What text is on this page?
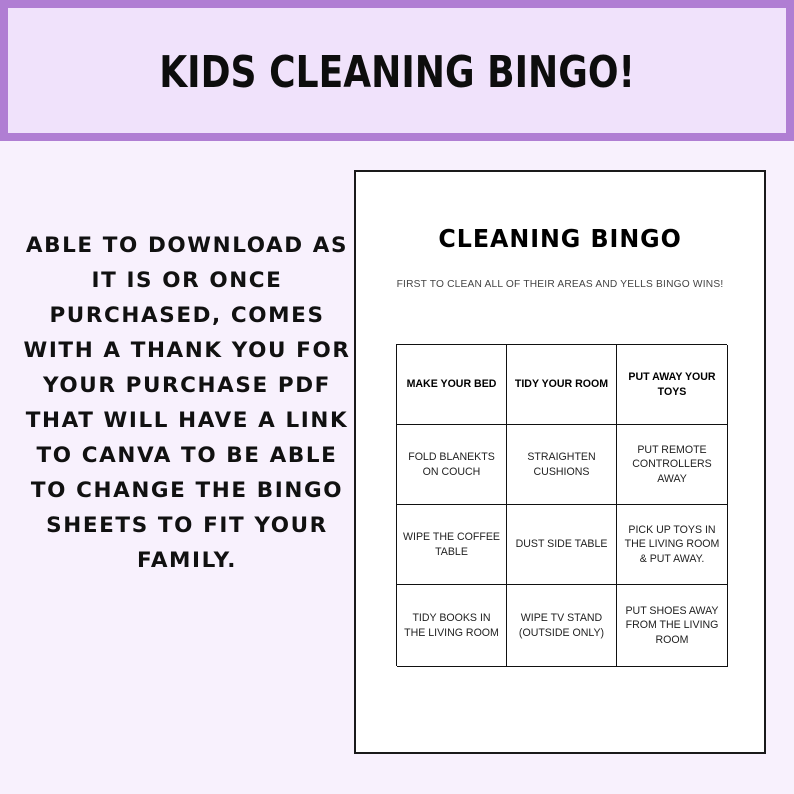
KIDS CLEANING BINGO!
ABLE TO DOWNLOAD AS IT IS OR ONCE PURCHASED, COMES WITH A THANK YOU FOR YOUR PURCHASE PDF THAT WILL HAVE A LINK TO CANVA TO BE ABLE TO CHANGE THE BINGO SHEETS TO FIT YOUR FAMILY.
CLEANING BINGO
FIRST TO CLEAN ALL OF THEIR AREAS AND YELLS BINGO WINS!
MAKE YOUR BED	TIDY YOUR ROOM
PUT AWAY YOUR TOYS
FOLD BLANEKTS ON COUCH
STRAIGHTEN CUSHIONS
PUT REMOTE CONTROLLERS AWAY
WIPE THE COFFEE TABLE
DUST SIDE TABLE
PICK UP TOYS IN THE LIVING ROOM & PUT AWAY.
TIDY BOOKS IN THE LIVING ROOM
WIPE TV STAND (OUTSIDE ONLY)
PUT SHOES AWAY FROM THE LIVING ROOM
